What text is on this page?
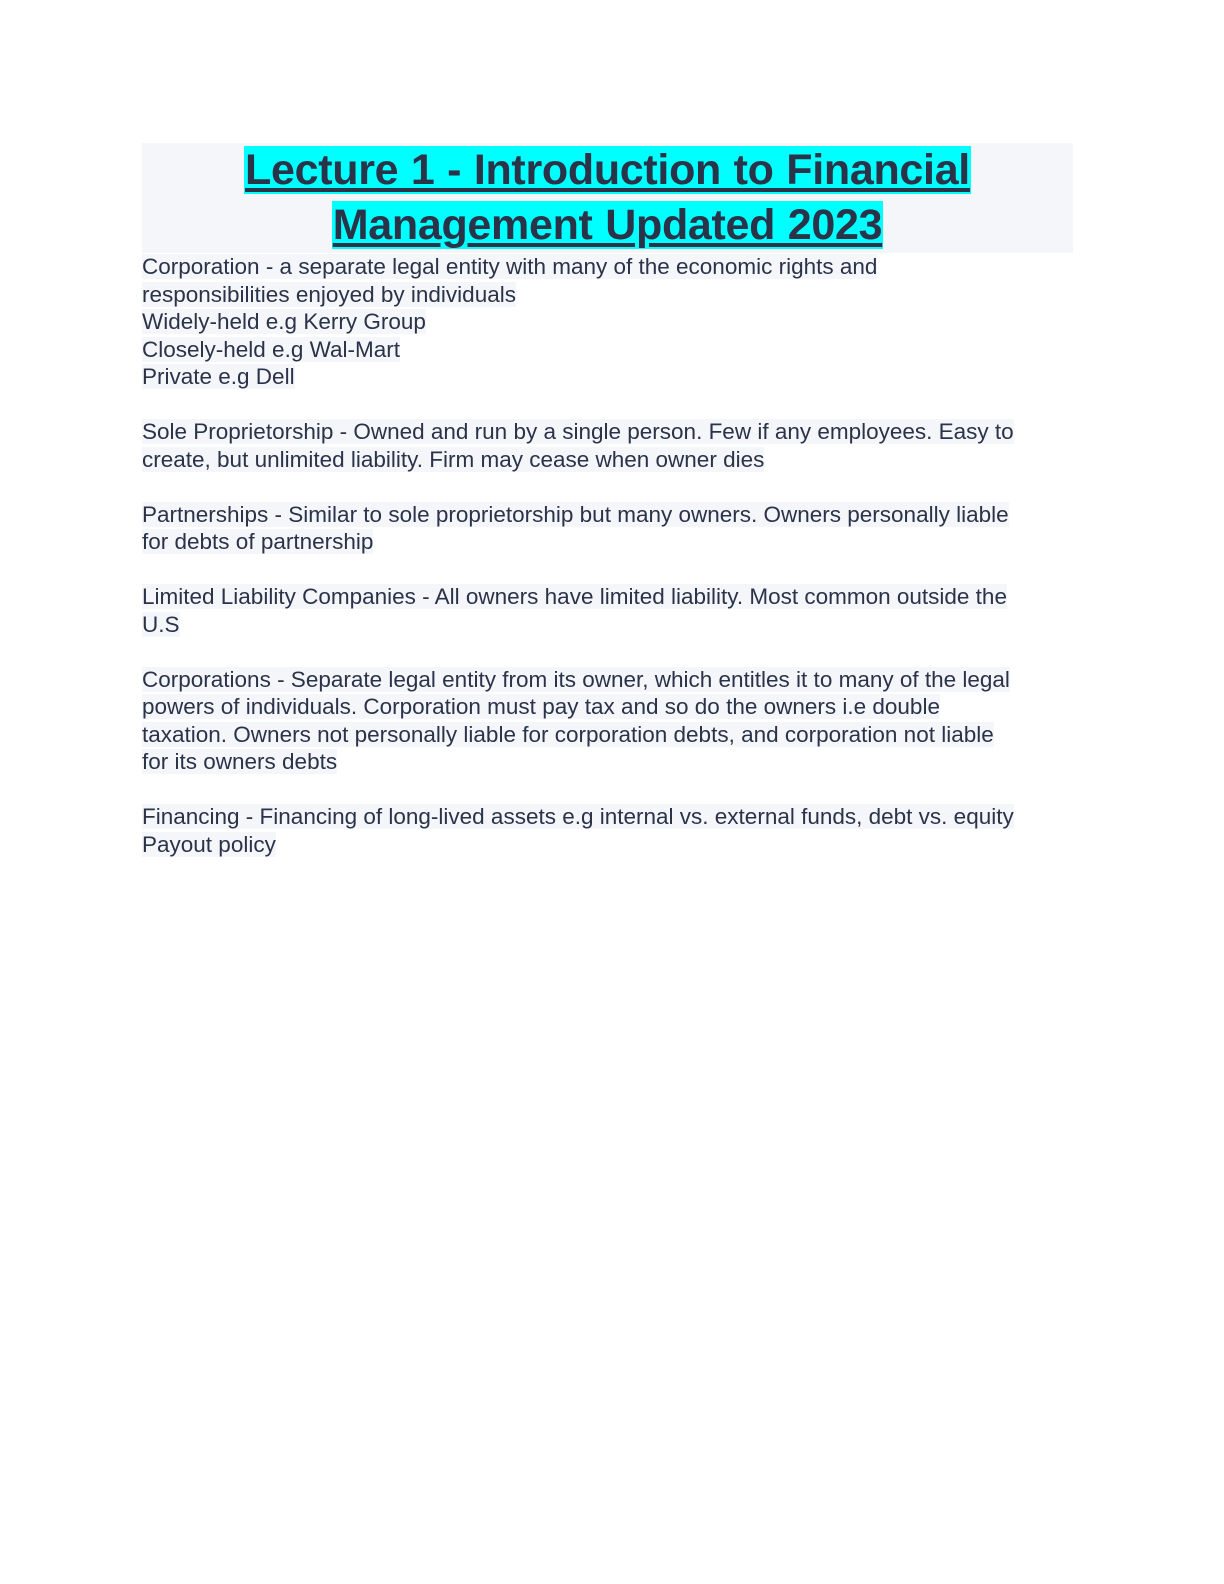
Lecture 1 - Introduction to Financial
Management Updated 2023
Corporation - a separate legal entity with many of the economic rights and
responsibilities enjoyed by individuals
Widely-held e.g Kerry Group
Closely-held e.g Wal-Mart
Private e.g Dell
Sole Proprietorship - Owned and run by a single person. Few if any employees. Easy to
create, but unlimited liability. Firm may cease when owner dies
Partnerships - Similar to sole proprietorship but many owners. Owners personally liable
for debts of partnership
Limited Liability Companies - All owners have limited liability. Most common outside the
U.S
Corporations - Separate legal entity from its owner, which entitles it to many of the legal
powers of individuals. Corporation must pay tax and so do the owners i.e double
taxation. Owners not personally liable for corporation debts, and corporation not liable
for its owners debts
Financing - Financing of long-lived assets e.g internal vs. external funds, debt vs. equity
Payout policy
